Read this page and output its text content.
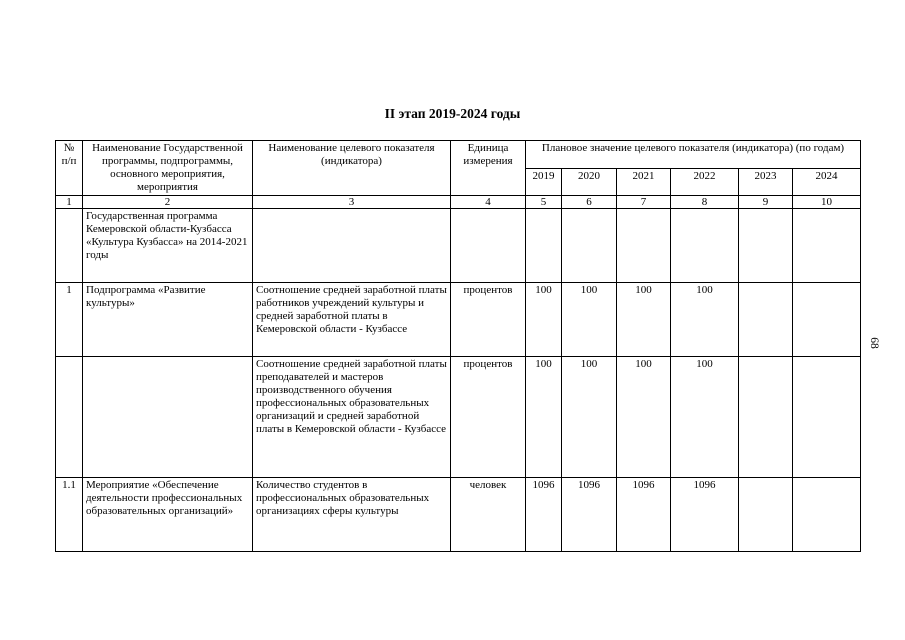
II этап 2019-2024 годы
68
№ п/п	Наименование Государственной программы, подпрограммы, основного мероприятия, мероприятия	Наименование целевого показателя (индикатора)	Единица измерения	Плановое значение целевого показателя (индикатора) (по годам)					
				2019	2020	2021	2022	2023	2024
1	2	3	4	5	6	7	8	9	10
	Государственная программа Кемеровской области-Кузбасса «Культура Кузбасса» на 2014-2021 годы								
1	Подпрограмма «Развитие культуры»	Соотношение средней заработной платы работников учреждений культуры и средней заработной платы в Кемеровской области - Кузбассе	процентов	100	100	100	100		
		Соотношение средней заработной платы преподавателей и мастеров производственного обучения профессиональных образовательных организаций и средней заработной платы в Кемеровской области - Кузбассе	процентов	100	100	100	100		
1.1	Мероприятие «Обеспечение деятельности профессиональных образовательных организаций»	Количество студентов в профессиональных образовательных организациях сферы культуры	человек	1096	1096	1096	1096		
